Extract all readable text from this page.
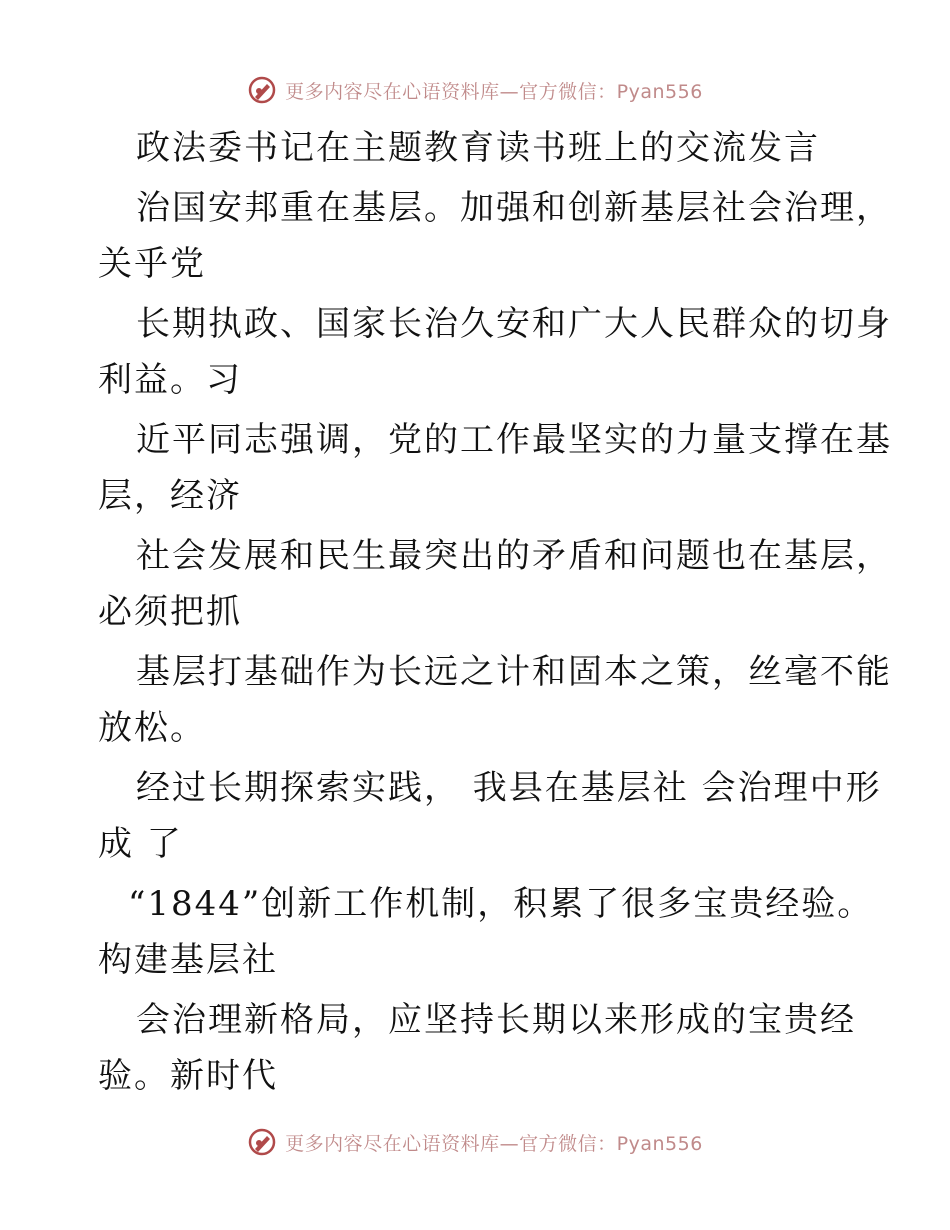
更多内容尽在心语资料库—官方微信：Pyan556
政法委书记在主题教育读书班上的交流发言
治国安邦重在基层。加强和创新基层社会治理，
关乎党
长期执政、国家长治久安和广大人民群众的切身
利益。习
近平同志强调，党的工作最坚实的力量支撑在基
层，经济
社会发展和民生最突出的矛盾和问题也在基层，
必须把抓
基层打基础作为长远之计和固本之策，丝毫不能
放松。
经过长期探索实践， 我县在基层社 会治理中形
成 了
“1844”创新工作机制，积累了很多宝贵经验。
构建基层社
会治理新格局，应坚持长期以来形成的宝贵经
验。新时代
更多内容尽在心语资料库—官方微信：Pyan556
